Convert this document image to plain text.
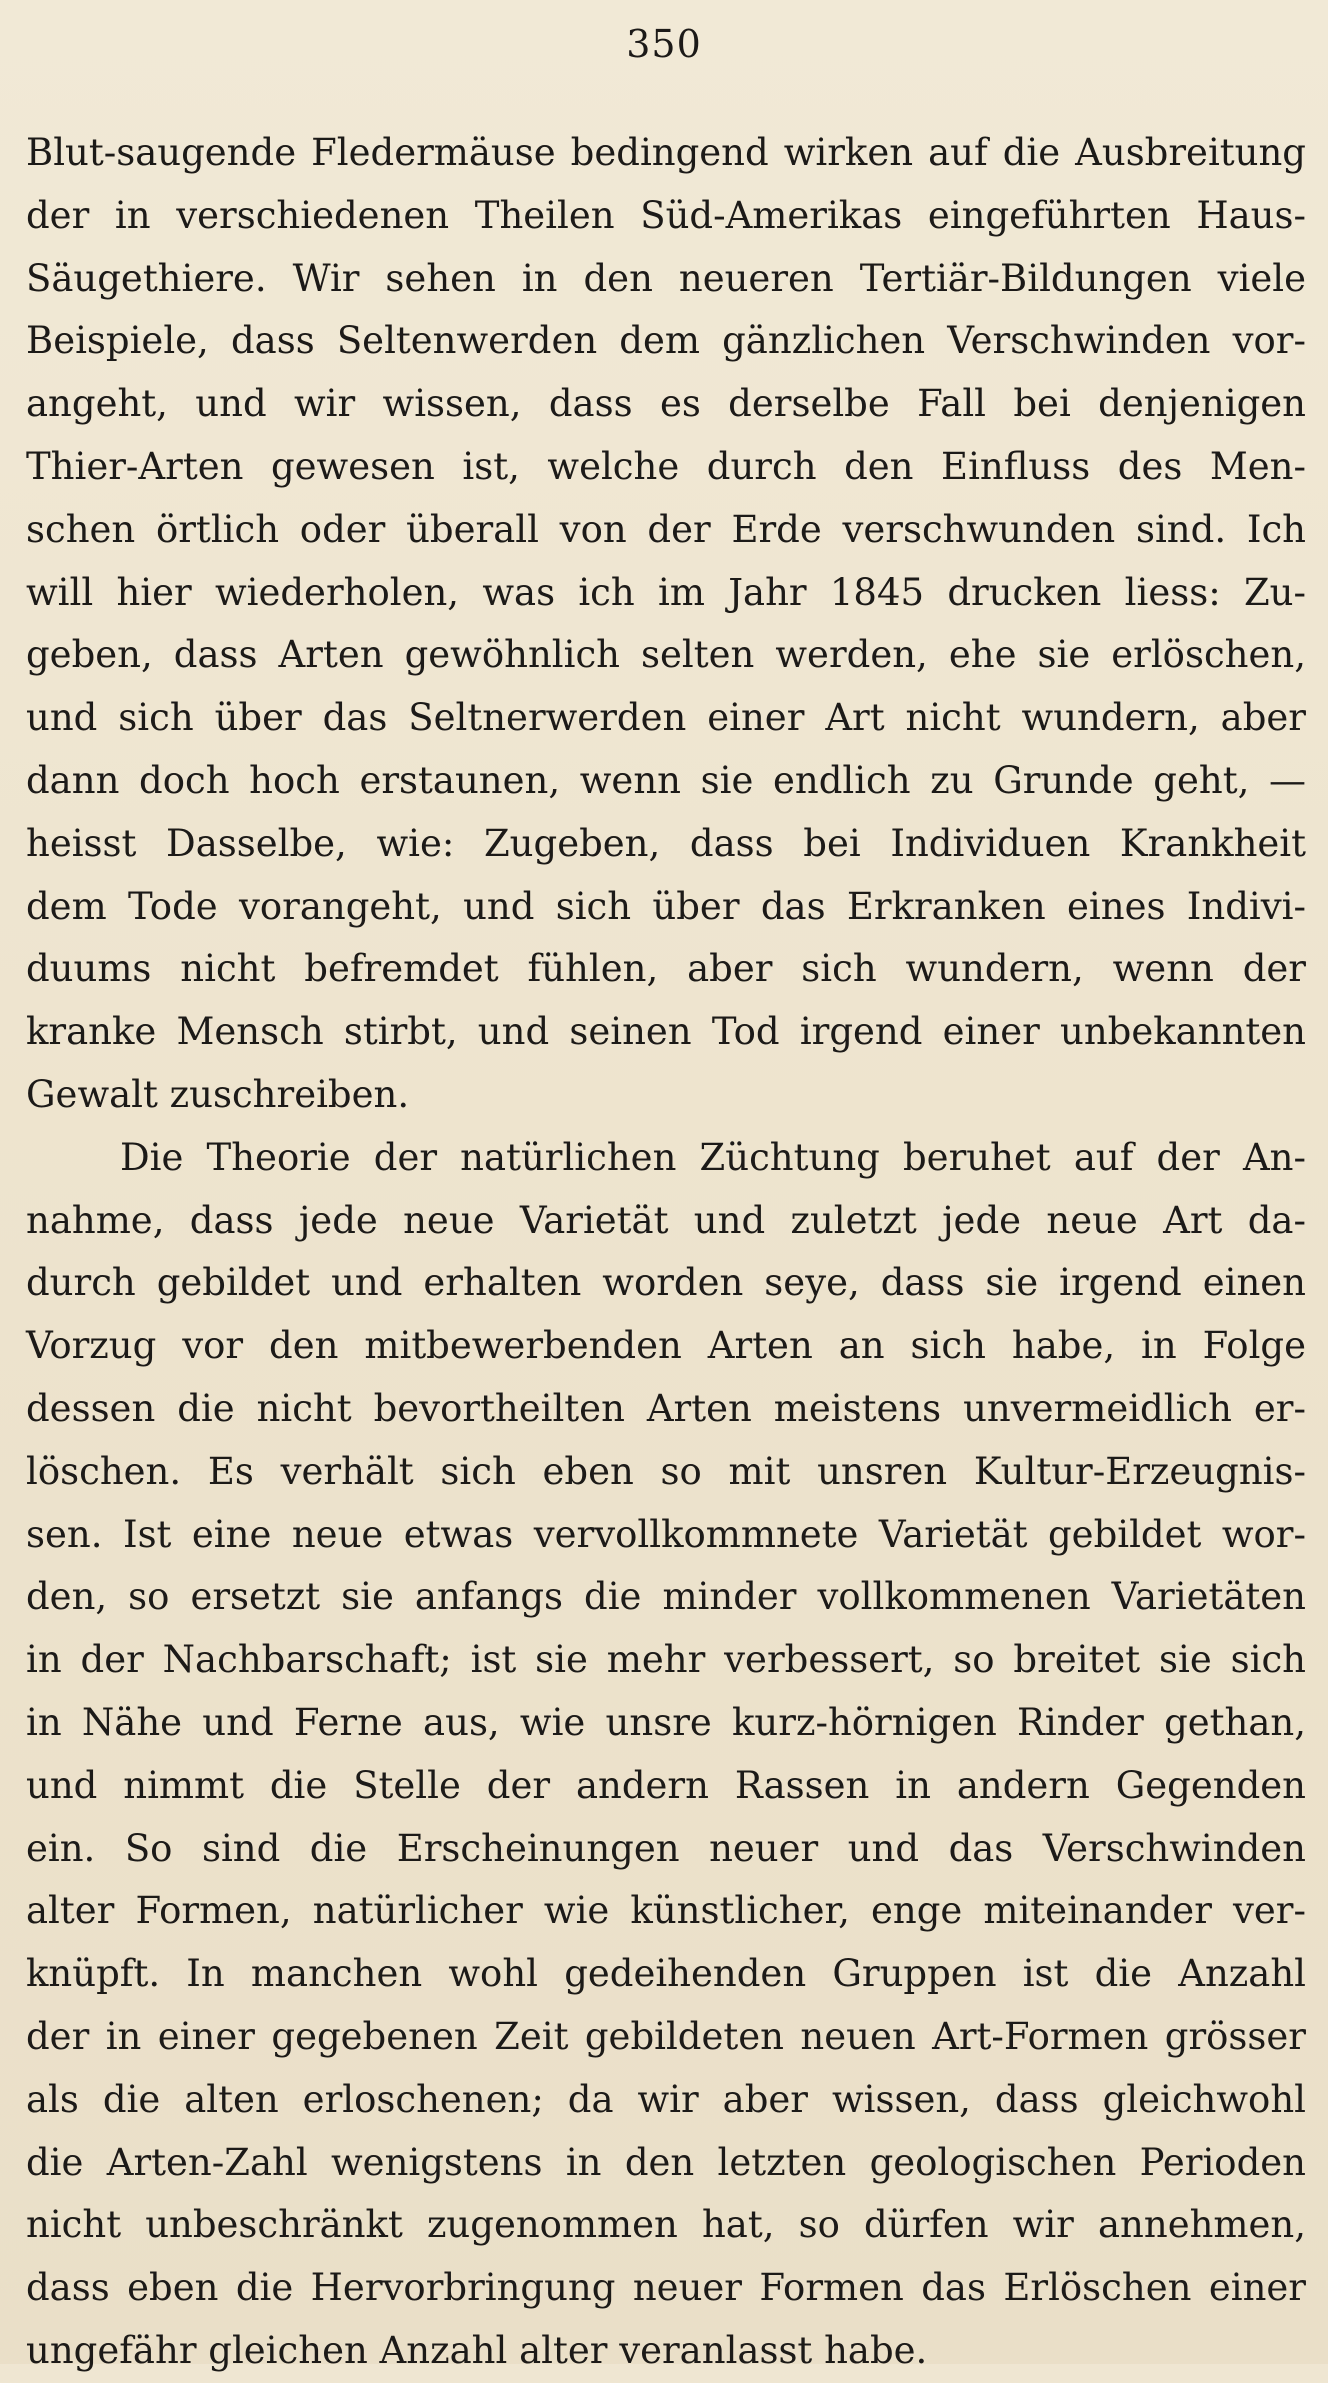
350
Blut-saugende Fledermäuse bedingend wirken auf die Ausbreitung
der in verschiedenen Theilen Süd-Amerikas eingeführten Haus-
Säugethiere. Wir sehen in den neueren Tertiär-Bildungen viele
Beispiele, dass Seltenwerden dem gänzlichen Verschwinden vor-
angeht, und wir wissen, dass es derselbe Fall bei denjenigen
Thier-Arten gewesen ist, welche durch den Einfluss des Men-
schen örtlich oder überall von der Erde verschwunden sind. Ich
will hier wiederholen, was ich im Jahr 1845 drucken liess: Zu-
geben, dass Arten gewöhnlich selten werden, ehe sie erlöschen,
und sich über das Seltnerwerden einer Art nicht wundern, aber
dann doch hoch erstaunen, wenn sie endlich zu Grunde geht, —
heisst Dasselbe, wie: Zugeben, dass bei Individuen Krankheit
dem Tode vorangeht, und sich über das Erkranken eines Indivi-
duums nicht befremdet fühlen, aber sich wundern, wenn der
kranke Mensch stirbt, und seinen Tod irgend einer unbekannten
Gewalt zuschreiben.
Die Theorie der natürlichen Züchtung beruhet auf der An-
nahme, dass jede neue Varietät und zuletzt jede neue Art da-
durch gebildet und erhalten worden seye, dass sie irgend einen
Vorzug vor den mitbewerbenden Arten an sich habe, in Folge
dessen die nicht bevortheilten Arten meistens unvermeidlich er-
löschen. Es verhält sich eben so mit unsren Kultur-Erzeugnis-
sen. Ist eine neue etwas vervollkommnete Varietät gebildet wor-
den, so ersetzt sie anfangs die minder vollkommenen Varietäten
in der Nachbarschaft; ist sie mehr verbessert, so breitet sie sich
in Nähe und Ferne aus, wie unsre kurz-hörnigen Rinder gethan,
und nimmt die Stelle der andern Rassen in andern Gegenden
ein. So sind die Erscheinungen neuer und das Verschwinden
alter Formen, natürlicher wie künstlicher, enge miteinander ver-
knüpft. In manchen wohl gedeihenden Gruppen ist die Anzahl
der in einer gegebenen Zeit gebildeten neuen Art-Formen grösser
als die alten erloschenen; da wir aber wissen, dass gleichwohl
die Arten-Zahl wenigstens in den letzten geologischen Perioden
nicht unbeschränkt zugenommen hat, so dürfen wir annehmen,
dass eben die Hervorbringung neuer Formen das Erlöschen einer
ungefähr gleichen Anzahl alter veranlasst habe.
